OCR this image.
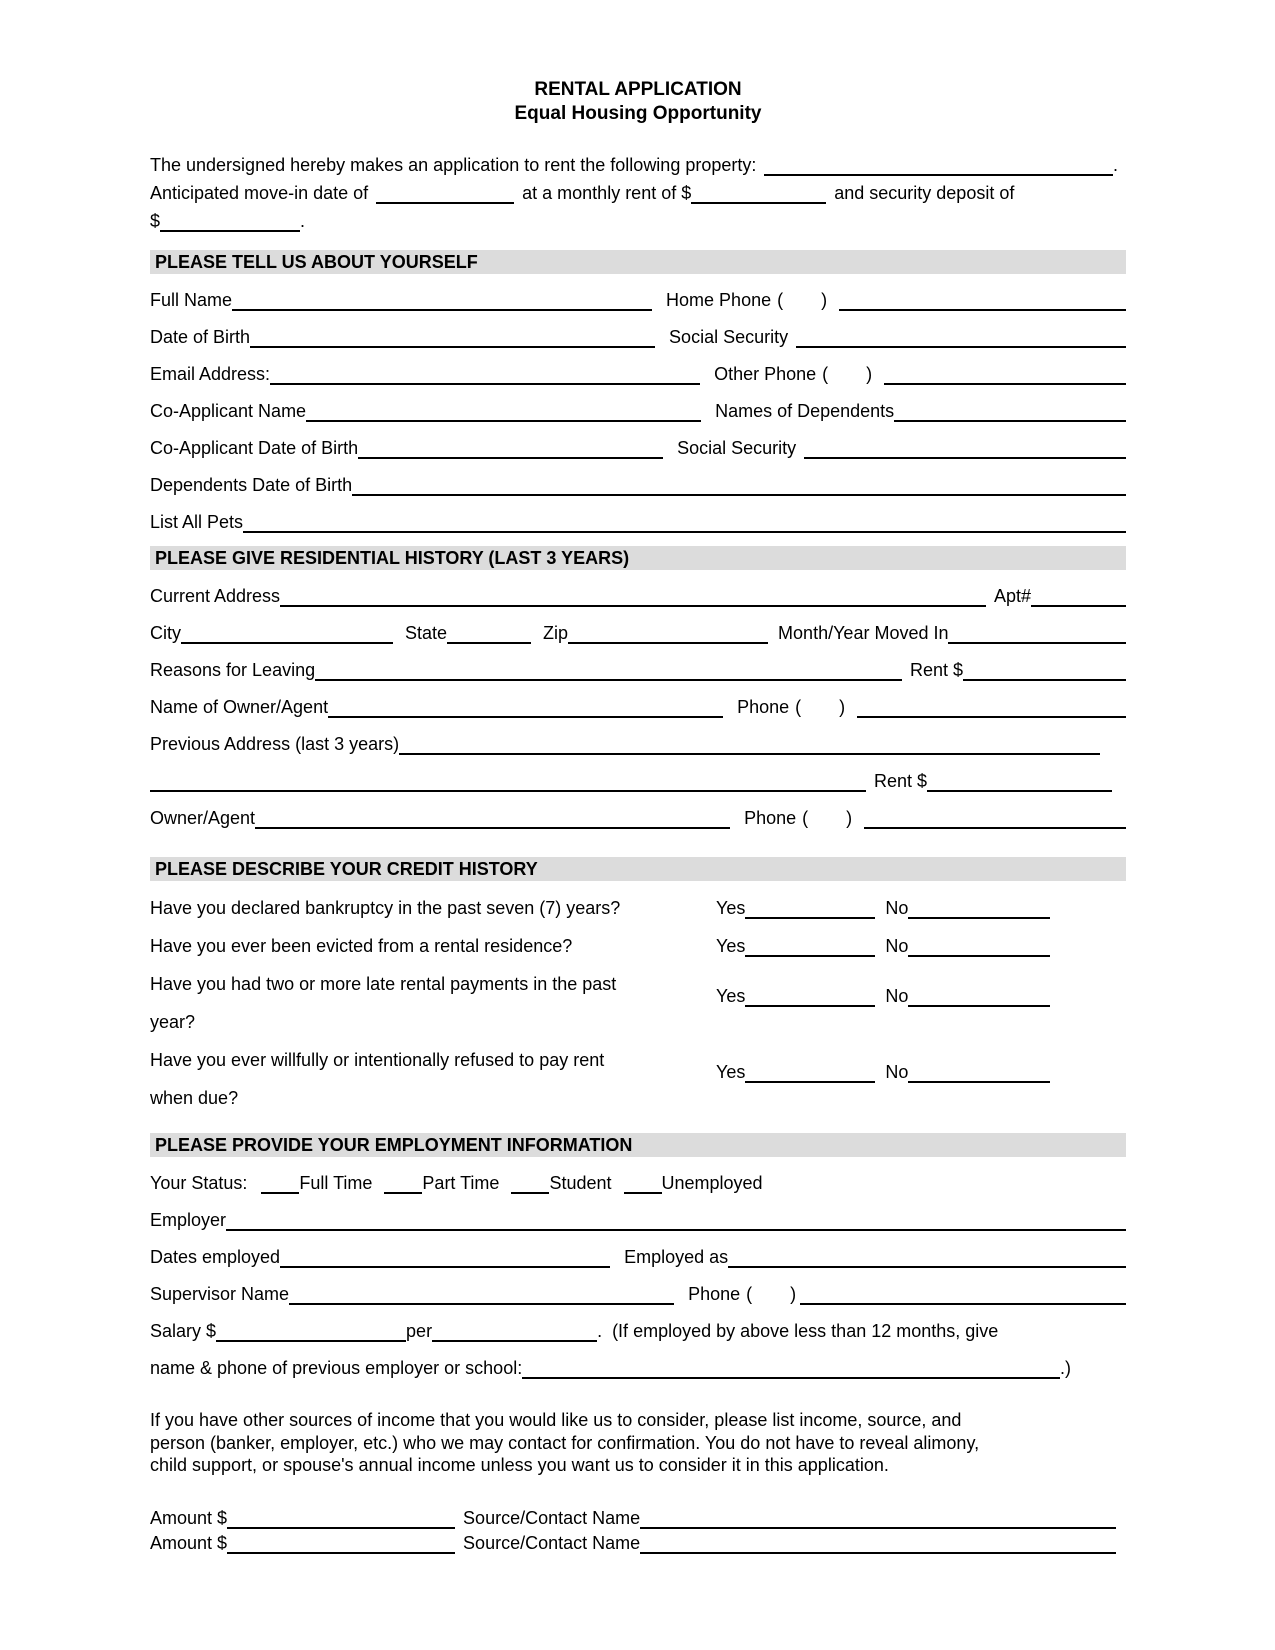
RENTAL APPLICATION
Equal Housing Opportunity
The undersigned hereby makes an application to rent the following property:	.
Anticipated move-in date of	at a monthly rent of $	and security deposit of
$	.
PLEASE TELL US ABOUT YOURSELF
Full Name	Home Phone ( )
Date of Birth	Social Security
Email Address:	Other Phone ( )
Co-Applicant Name	Names of Dependents
Co-Applicant Date of Birth	Social Security
Dependents Date of Birth
List All Pets
PLEASE GIVE RESIDENTIAL HISTORY (LAST 3 YEARS)
Current Address	Apt#
City	State	Zip	Month/Year Moved In
Reasons for Leaving	Rent $
Name of Owner/Agent	Phone ( )
Previous Address (last 3 years)
Rent $
Owner/Agent	Phone ( )
PLEASE DESCRIBE YOUR CREDIT HISTORY
Have you declared bankruptcy in the past seven (7) years?	Yes	No
Have you ever been evicted from a rental residence?	Yes	No
Have you had two or more late rental payments in the past
year?
Yes	No
Have you ever willfully or intentionally refused to pay rent
when due?
Yes	No
PLEASE PROVIDE YOUR EMPLOYMENT INFORMATION
Your Status:	Full Time	Part Time	Student	Unemployed
Employer
Dates employed	Employed as
Supervisor Name	Phone ( )
Salary $	per	.  (If employed by above less than 12 months, give
name & phone of previous employer or school:	.)
If you have other sources of income that you would like us to consider, please list income, source, and
person (banker, employer, etc.) who we may contact for confirmation. You do not have to reveal alimony,
child support, or spouse's annual income unless you want us to consider it in this application.
Amount $	Source/Contact Name
Amount $	Source/Contact Name
